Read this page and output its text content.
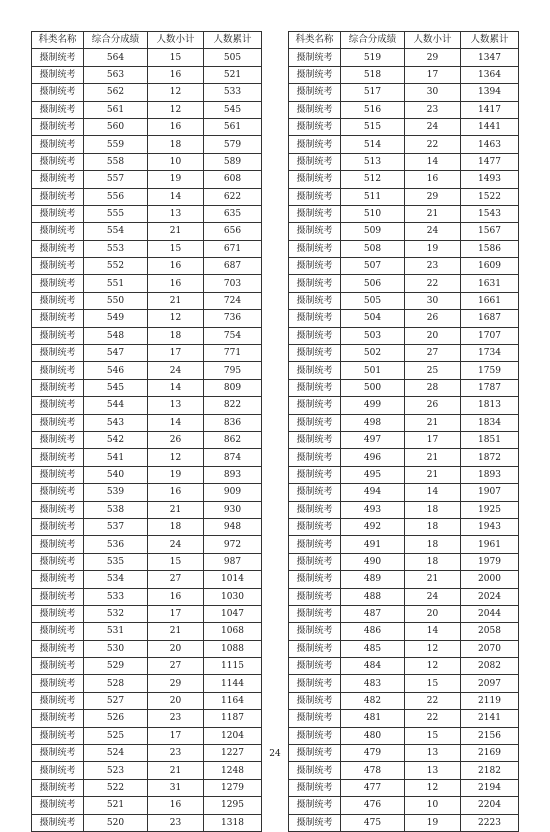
科类名称	综合分成绩	人数小计	人数累计
摄制统考	564	15	505
摄制统考	563	16	521
摄制统考	562	12	533
摄制统考	561	12	545
摄制统考	560	16	561
摄制统考	559	18	579
摄制统考	558	10	589
摄制统考	557	19	608
摄制统考	556	14	622
摄制统考	555	13	635
摄制统考	554	21	656
摄制统考	553	15	671
摄制统考	552	16	687
摄制统考	551	16	703
摄制统考	550	21	724
摄制统考	549	12	736
摄制统考	548	18	754
摄制统考	547	17	771
摄制统考	546	24	795
摄制统考	545	14	809
摄制统考	544	13	822
摄制统考	543	14	836
摄制统考	542	26	862
摄制统考	541	12	874
摄制统考	540	19	893
摄制统考	539	16	909
摄制统考	538	21	930
摄制统考	537	18	948
摄制统考	536	24	972
摄制统考	535	15	987
摄制统考	534	27	1014
摄制统考	533	16	1030
摄制统考	532	17	1047
摄制统考	531	21	1068
摄制统考	530	20	1088
摄制统考	529	27	1115
摄制统考	528	29	1144
摄制统考	527	20	1164
摄制统考	526	23	1187
摄制统考	525	17	1204
摄制统考	524	23	1227
摄制统考	523	21	1248
摄制统考	522	31	1279
摄制统考	521	16	1295
摄制统考	520	23	1318
科类名称	综合分成绩	人数小计	人数累计
摄制统考	519	29	1347
摄制统考	518	17	1364
摄制统考	517	30	1394
摄制统考	516	23	1417
摄制统考	515	24	1441
摄制统考	514	22	1463
摄制统考	513	14	1477
摄制统考	512	16	1493
摄制统考	511	29	1522
摄制统考	510	21	1543
摄制统考	509	24	1567
摄制统考	508	19	1586
摄制统考	507	23	1609
摄制统考	506	22	1631
摄制统考	505	30	1661
摄制统考	504	26	1687
摄制统考	503	20	1707
摄制统考	502	27	1734
摄制统考	501	25	1759
摄制统考	500	28	1787
摄制统考	499	26	1813
摄制统考	498	21	1834
摄制统考	497	17	1851
摄制统考	496	21	1872
摄制统考	495	21	1893
摄制统考	494	14	1907
摄制统考	493	18	1925
摄制统考	492	18	1943
摄制统考	491	18	1961
摄制统考	490	18	1979
摄制统考	489	21	2000
摄制统考	488	24	2024
摄制统考	487	20	2044
摄制统考	486	14	2058
摄制统考	485	12	2070
摄制统考	484	12	2082
摄制统考	483	15	2097
摄制统考	482	22	2119
摄制统考	481	22	2141
摄制统考	480	15	2156
摄制统考	479	13	2169
摄制统考	478	13	2182
摄制统考	477	12	2194
摄制统考	476	10	2204
摄制统考	475	19	2223
24
